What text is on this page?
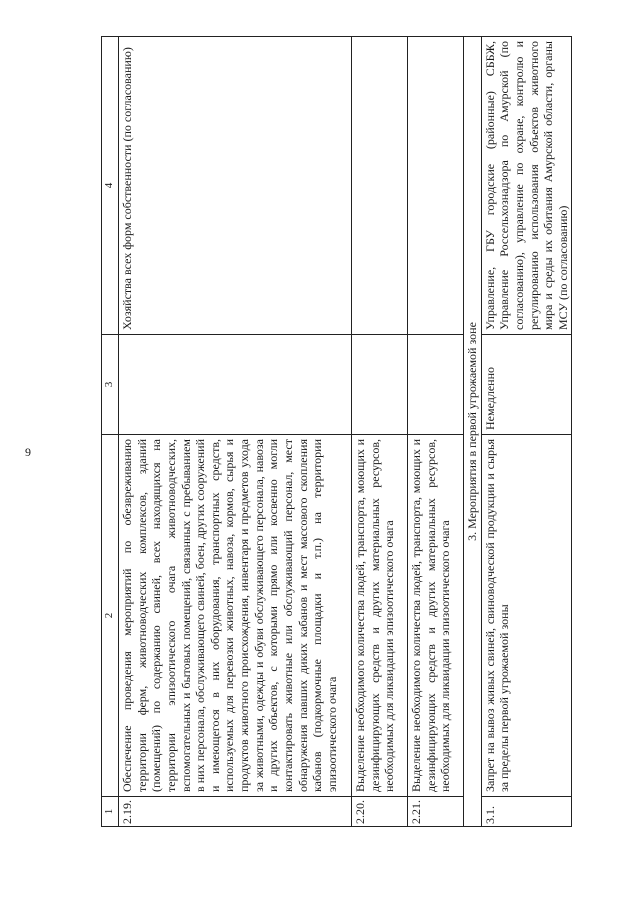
9
1	2	3	4
2.19.	Обеспечение проведения мероприятий по обезвреживанию территории ферм, животноводческих комплексов, зданий (помещений) по содержанию свиней, всех находящихся на территории эпизоотического очага животноводческих, вспомогательных и бытовых помещений, связанных с пребыванием в них персонала, обслуживающего свиней, боен, других сооружений и имеющегося в них оборудования, транспортных средств, используемых для перевозки животных, навоза, кормов, сырья и продуктов животного происхождения, инвентаря и предметов ухода за животными, одежды и обуви обслуживающего персонала, навоза и других объектов, с которыми прямо или косвенно могли контактировать животные или обслуживающий персонал, мест обнаружения павших диких кабанов и мест массового скопления кабанов (подкормочные площадки и т.п.) на территории эпизоотического очага		Хозяйства всех форм собственности (по согласованию)
2.20.	Выделение необходимого количества людей, транспорта, моющих и дезинфицирующих средств и других материальных ресурсов, необходимых для ликвидации эпизоотического очага		
2.21.	Выделение необходимого количества людей, транспорта, моющих и дезинфицирующих средств и других материальных ресурсов, необходимых для ликвидации эпизоотического очага		
3. Мероприятия в первой угрожаемой зоне			
3.1.	Запрет на вывоз живых свиней, свиноводческой продукции и сырья за пределы первой угрожаемой зоны	Немедленно	Управление, ГБУ городские (районные) СББЖ, Управление Россельхознадзора по Амурской (по согласованию), управление по охране, контролю и регулированию использования объектов животного мира и среды их обитания Амурской области, органы МСУ (по согласованию)
